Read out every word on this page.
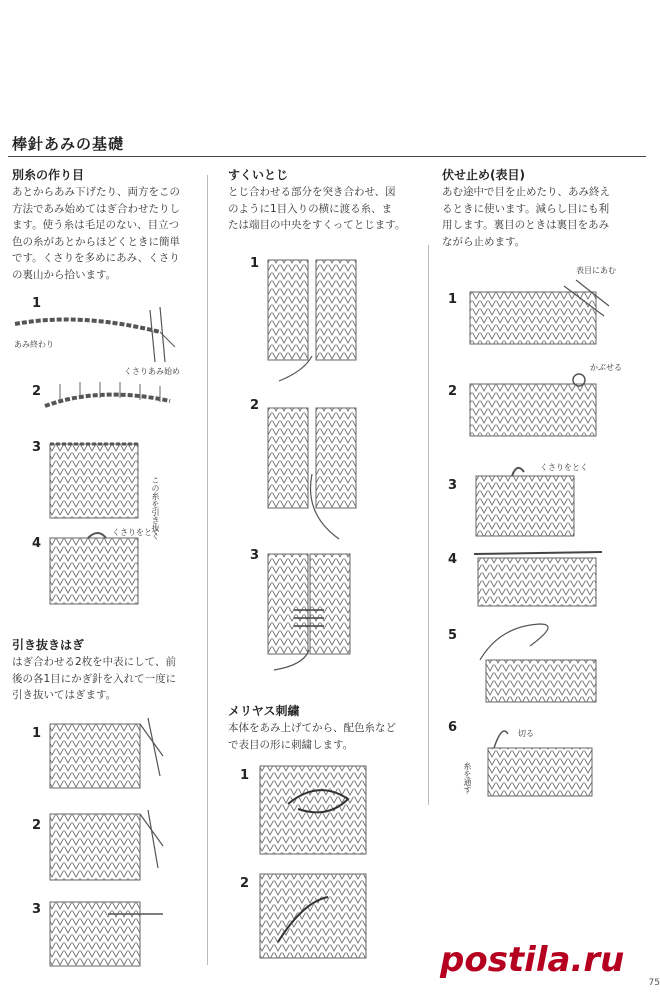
棒針あみの基礎
別糸の作り目
あとからあみ下げたり、両方をこの
方法であみ始めてはぎ合わせたりし
ます。使う糸は毛足のない、目立つ
色の糸があとからほどくときに簡単
です。くさりを多めにあみ、くさり
の裏山から拾います。
1
あみ終わり
くさりあみ始め
2
3
この糸を引き抜く
4
くさりをとく
引き抜きはぎ
はぎ合わせる2枚を中表にして、前
後の各1目にかぎ針を入れて一度に
引き抜いてはぎます。
1
2
3
すくいとじ
とじ合わせる部分を突き合わせ、図
のように1目入りの横に渡る糸、ま
たは端目の中央をすくってとじます。
1
2
3
メリヤス刺繍
本体をあみ上げてから、配色糸など
で表目の形に刺繍します。
1
2
伏せ止め(表目)
あむ途中で目を止めたり、あみ終え
るときに使います。減らし目にも利
用します。裏目のときは裏目をあみ
ながら止めます。
1
表目にあむ
2
かぶせる
3
くさりをとく
4
5
6	切る
糸を通す
75
postila.ru
